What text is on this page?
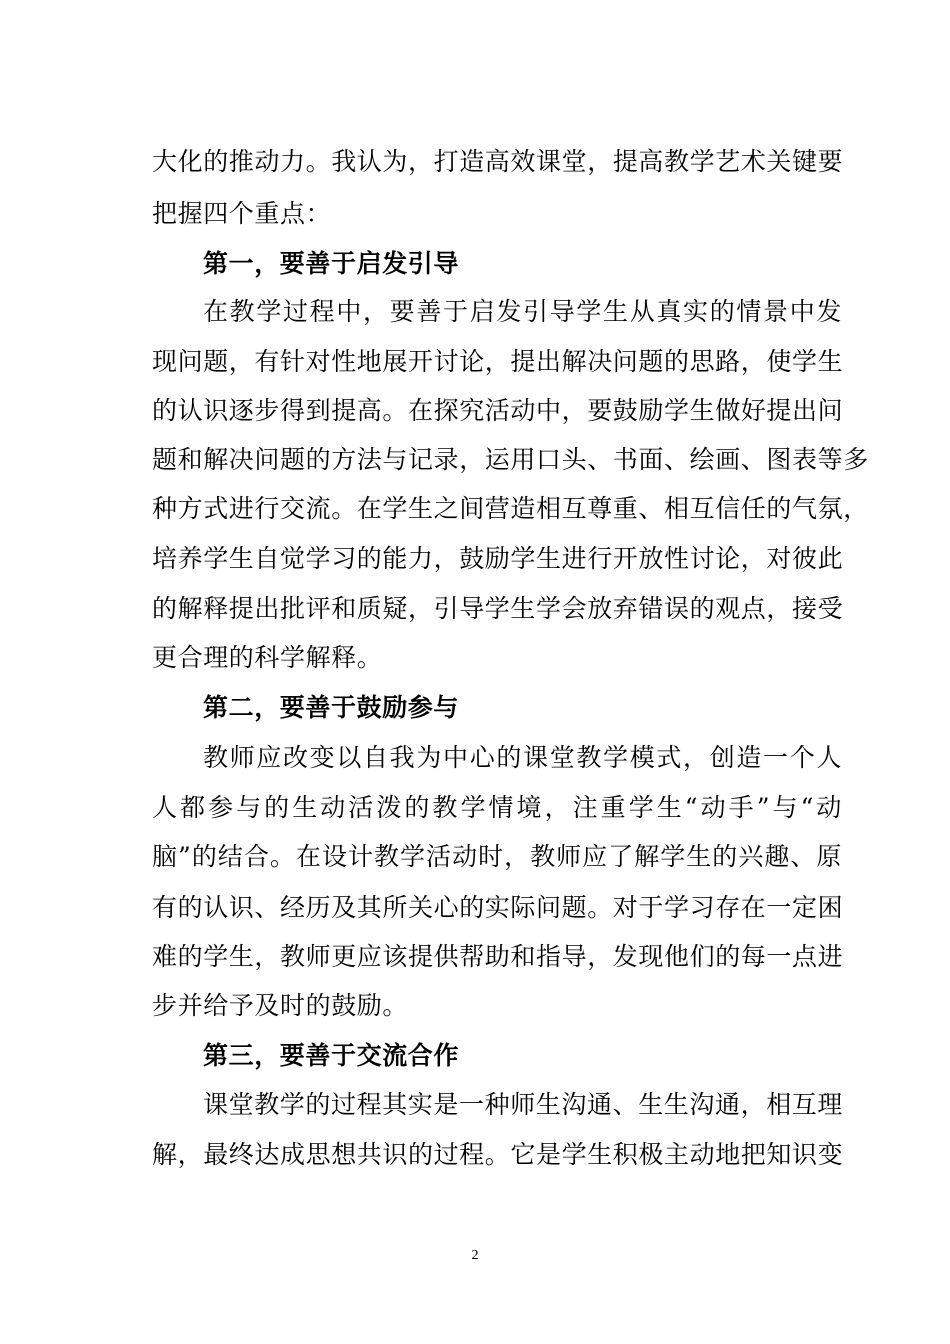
大化的推动力。我认为，打造高效课堂，提高教学艺术关键要
把握四个重点：
第一，要善于启发引导
在教学过程中，要善于启发引导学生从真实的情景中发
现问题，有针对性地展开讨论，提出解决问题的思路，使学生
的认识逐步得到提高。在探究活动中，要鼓励学生做好提出问
题和解决问题的方法与记录，运用口头、书面、绘画、图表等多
种方式进行交流。在学生之间营造相互尊重、相互信任的气氛，
培养学生自觉学习的能力，鼓励学生进行开放性讨论，对彼此
的解释提出批评和质疑，引导学生学会放弃错误的观点，接受
更合理的科学解释。
第二，要善于鼓励参与
教师应改变以自我为中心的课堂教学模式，创造一个人
人都参与的生动活泼的教学情境，注重学生“动手”与“动
脑”的结合。在设计教学活动时，教师应了解学生的兴趣、原
有的认识、经历及其所关心的实际问题。对于学习存在一定困
难的学生，教师更应该提供帮助和指导，发现他们的每一点进
步并给予及时的鼓励。
第三，要善于交流合作
课堂教学的过程其实是一种师生沟通、生生沟通，相互理
解，最终达成思想共识的过程。它是学生积极主动地把知识变
2
